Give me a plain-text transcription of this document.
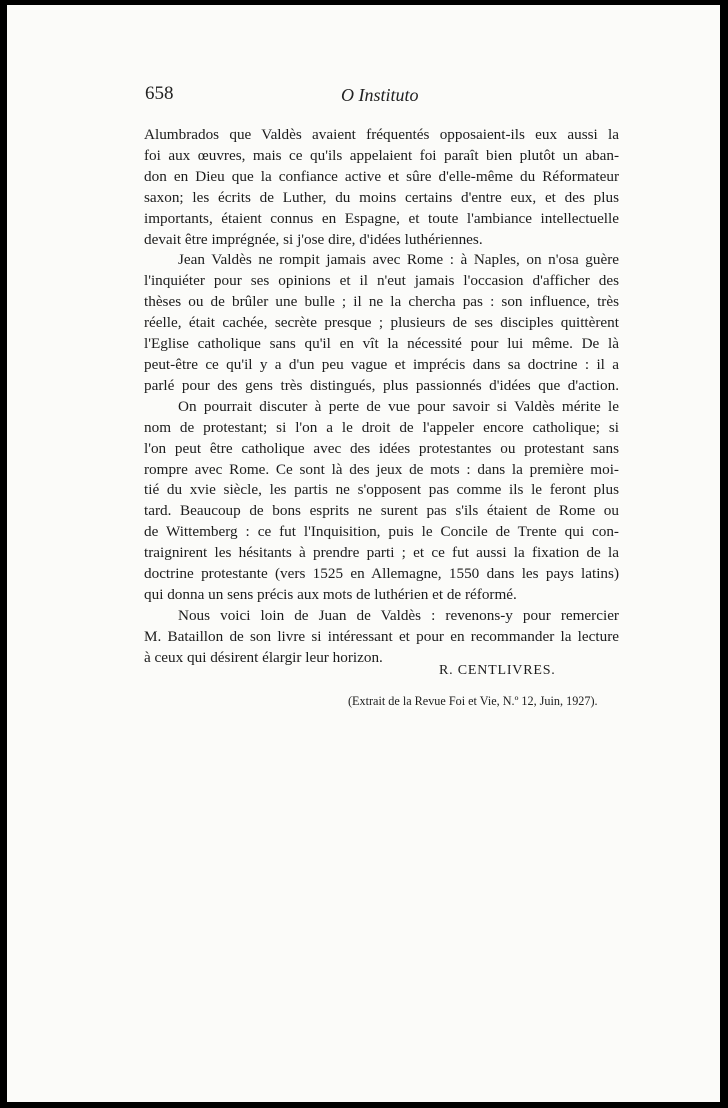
658	O Instituto
Alumbrados que Valdès avaient fréquentés opposaient-ils eux aussi la
foi aux œuvres, mais ce qu'ils appelaient foi paraît bien plutôt un aban-
don en Dieu que la confiance active et sûre d'elle-même du Réformateur
saxon; les écrits de Luther, du moins certains d'entre eux, et des plus
importants, étaient connus en Espagne, et toute l'ambiance intellectuelle
devait être imprégnée, si j'ose dire, d'idées luthériennes.
Jean Valdès ne rompit jamais avec Rome : à Naples, on n'osa guère
l'inquiéter pour ses opinions et il n'eut jamais l'occasion d'afficher des
thèses ou de brûler une bulle ; il ne la chercha pas : son influence, très
réelle, était cachée, secrète presque ; plusieurs de ses disciples quittèrent
l'Eglise catholique sans qu'il en vît la nécessité pour lui même. De là
peut-être ce qu'il y a d'un peu vague et imprécis dans sa doctrine : il a
parlé pour des gens très distingués, plus passionnés d'idées que d'action.
On pourrait discuter à perte de vue pour savoir si Valdès mérite le
nom de protestant; si l'on a le droit de l'appeler encore catholique; si
l'on peut être catholique avec des idées protestantes ou protestant sans
rompre avec Rome. Ce sont là des jeux de mots : dans la première moi-
tié du xvie siècle, les partis ne s'opposent pas comme ils le feront plus
tard. Beaucoup de bons esprits ne surent pas s'ils étaient de Rome ou
de Wittemberg : ce fut l'Inquisition, puis le Concile de Trente qui con-
traignirent les hésitants à prendre parti ; et ce fut aussi la fixation de la
doctrine protestante (vers 1525 en Allemagne, 1550 dans les pays latins)
qui donna un sens précis aux mots de luthérien et de réformé.
Nous voici loin de Juan de Valdès : revenons-y pour remercier
M. Bataillon de son livre si intéressant et pour en recommander la lecture
à ceux qui désirent élargir leur horizon.
R. CENTLIVRES.
(Extrait de la Revue Foi et Vie, N.º 12, Juin, 1927).
